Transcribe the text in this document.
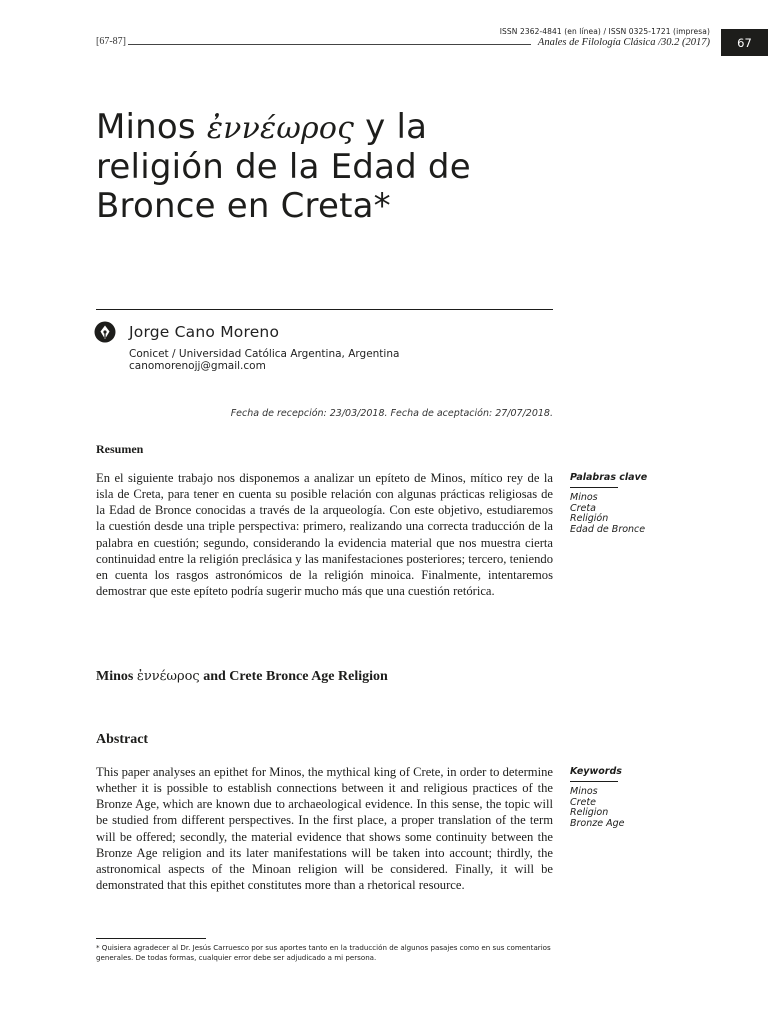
[67-87]
ISSN 2362-4841 (en línea) / ISSN 0325-1721 (impresa)
Anales de Filología Clásica /30.2 (2017) 67
Minos ἐννέωρος y la religión de la Edad de Bronce en Creta*
Jorge Cano Moreno
Conicet / Universidad Católica Argentina, Argentina
canomorenojj@gmail.com
Fecha de recepción: 23/03/2018. Fecha de aceptación: 27/07/2018.
Resumen
En el siguiente trabajo nos disponemos a analizar un epíteto de Minos, mítico rey de la isla de Creta, para tener en cuenta su posible relación con algunas prácticas religiosas de la Edad de Bronce conocidas a través de la arqueología. Con este objetivo, estudiaremos la cuestión desde una triple perspectiva: primero, realizando una correcta traducción de la palabra en cuestión; segundo, considerando la evidencia material que nos muestra cierta continuidad entre la religión preclásica y las manifestaciones posteriores; tercero, teniendo en cuenta los rasgos astronómicos de la religión minoica. Finalmente, intentaremos demostrar que este epíteto podría sugerir mucho más que una cuestión retórica.
Palabras clave
Minos
Creta
Religión
Edad de Bronce
Minos ἐννέωρος and Crete Bronce Age Religion
Abstract
This paper analyses an epithet for Minos, the mythical king of Crete, in order to determine whether it is possible to establish connections between it and religious practices of the Bronze Age, which are known due to archaeological evidence. In this sense, the topic will be studied from different perspectives. In the first place, a proper translation of the term will be offered; secondly, the material evidence that shows some continuity between the Bronze Age religion and its later manifestations will be taken into account; thirdly, the astronomical aspects of the Minoan religion will be considered. Finally, it will be demonstrated that this epithet constitutes more than a rhetorical resource.
Keywords
Minos
Crete
Religion
Bronze Age
* Quisiera agradecer al Dr. Jesús Carruesco por sus aportes tanto en la traducción de algunos pasajes como en sus comentarios generales. De todas formas, cualquier error debe ser adjudicado a mi persona.
